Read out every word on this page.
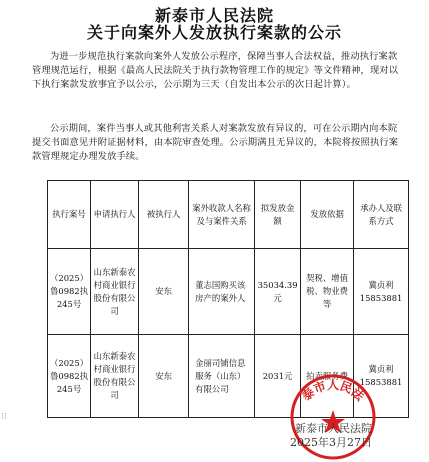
新泰市人民法院
关于向案外人发放执行案款的公示
为进一步规范执行案款向案外人发放公示程序，保障当事人合法权益，推动执行案款管理规范运行，根据《最高人民法院关于执行款物管理工作的规定》等文件精神，现对以下执行案款发放事宜予以公示，公示期为三天（自发出本公示的次日起计算）。
公示期间，案件当事人或其他利害关系人对案款发放有异议的，可在公示期内向本院提交书面意见并附证据材料，由本院审查处理。公示期满且无异议的，本院将按照执行案款管理规定办理发放手续。
执行案号	申请执行人	被执行人	案外收款人名称及与案件关系	拟发放金额	发放依据	承办人及联系方式
（2025）鲁0982执245号	山东新泰农村商业银行股份有限公司	安东	董志国购买该房产的案外人	35034.39元	契税、增值税、物业费等	冀贞利15853881
（2025）鲁0982执245号	山东新泰农村商业银行股份有限公司	安东	金丽司铺信息服务（山东）有限公司	2031元	拍卖服务费	冀贞利15853881
泰市人民法
新泰市人民法院
2025年3月27日
⁝⁝
